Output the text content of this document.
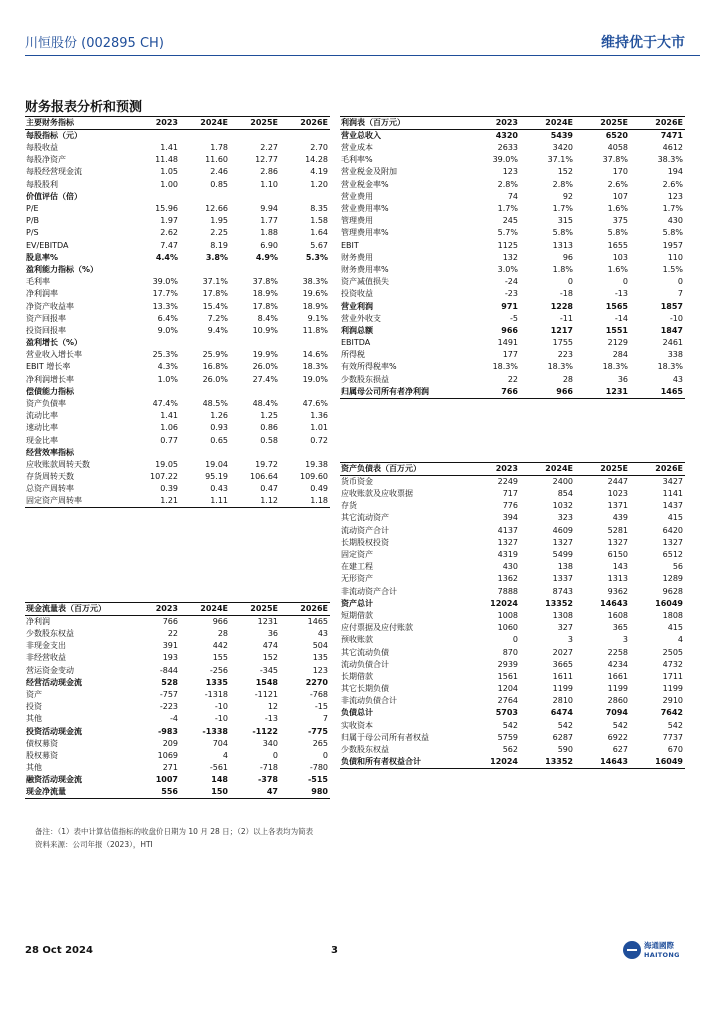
川恒股份 (002895 CH)	维持优于大市
财务报表分析和预测
主要财务指标	2023	2024E	2025E	2026E
每股指标（元）				
每股收益	1.41	1.78	2.27	2.70
每股净资产	11.48	11.60	12.77	14.28
每股经营现金流	1.05	2.46	2.86	4.19
每股股利	1.00	0.85	1.10	1.20
价值评估（倍）				
P/E	15.96	12.66	9.94	8.35
P/B	1.97	1.95	1.77	1.58
P/S	2.62	2.25	1.88	1.64
EV/EBITDA	7.47	8.19	6.90	5.67
股息率%	4.4%	3.8%	4.9%	5.3%
盈利能力指标（%）				
毛利率	39.0%	37.1%	37.8%	38.3%
净利润率	17.7%	17.8%	18.9%	19.6%
净资产收益率	13.3%	15.4%	17.8%	18.9%
资产回报率	6.4%	7.2%	8.4%	9.1%
投资回报率	9.0%	9.4%	10.9%	11.8%
盈利增长（%）				
营业收入增长率	25.3%	25.9%	19.9%	14.6%
EBIT 增长率	4.3%	16.8%	26.0%	18.3%
净利润增长率	1.0%	26.0%	27.4%	19.0%
偿债能力指标				
资产负债率	47.4%	48.5%	48.4%	47.6%
流动比率	1.41	1.26	1.25	1.36
速动比率	1.06	0.93	0.86	1.01
现金比率	0.77	0.65	0.58	0.72
经营效率指标				
应收账款周转天数	19.05	19.04	19.72	19.38
存货周转天数	107.22	95.19	106.64	109.60
总资产周转率	0.39	0.43	0.47	0.49
固定资产周转率	1.21	1.11	1.12	1.18
利润表（百万元）	2023	2024E	2025E	2026E
营业总收入	4320	5439	6520	7471
营业成本	2633	3420	4058	4612
毛利率%	39.0%	37.1%	37.8%	38.3%
营业税金及附加	123	152	170	194
营业税金率%	2.8%	2.8%	2.6%	2.6%
营业费用	74	92	107	123
营业费用率%	1.7%	1.7%	1.6%	1.7%
管理费用	245	315	375	430
管理费用率%	5.7%	5.8%	5.8%	5.8%
EBIT	1125	1313	1655	1957
财务费用	132	96	103	110
财务费用率%	3.0%	1.8%	1.6%	1.5%
资产减值损失	-24	0	0	0
投资收益	-23	-18	-13	7
营业利润	971	1228	1565	1857
营业外收支	-5	-11	-14	-10
利润总额	966	1217	1551	1847
EBITDA	1491	1755	2129	2461
所得税	177	223	284	338
有效所得税率%	18.3%	18.3%	18.3%	18.3%
少数股东损益	22	28	36	43
归属母公司所有者净利润	766	966	1231	1465
资产负债表（百万元）	2023	2024E	2025E	2026E
货币资金	2249	2400	2447	3427
应收账款及应收票据	717	854	1023	1141
存货	776	1032	1371	1437
其它流动资产	394	323	439	415
流动资产合计	4137	4609	5281	6420
长期股权投资	1327	1327	1327	1327
固定资产	4319	5499	6150	6512
在建工程	430	138	143	56
无形资产	1362	1337	1313	1289
非流动资产合计	7888	8743	9362	9628
资产总计	12024	13352	14643	16049
短期借款	1008	1308	1608	1808
应付票据及应付账款	1060	327	365	415
预收账款	0	3	3	4
其它流动负债	870	2027	2258	2505
流动负债合计	2939	3665	4234	4732
长期借款	1561	1611	1661	1711
其它长期负债	1204	1199	1199	1199
非流动负债合计	2764	2810	2860	2910
负债总计	5703	6474	7094	7642
实收资本	542	542	542	542
归属于母公司所有者权益	5759	6287	6922	7737
少数股东权益	562	590	627	670
负债和所有者权益合计	12024	13352	14643	16049
现金流量表（百万元）	2023	2024E	2025E	2026E
净利润	766	966	1231	1465
少数股东权益	22	28	36	43
非现金支出	391	442	474	504
非经营收益	193	155	152	135
营运资金变动	-844	-256	-345	123
经营活动现金流	528	1335	1548	2270
资产	-757	-1318	-1121	-768
投资	-223	-10	12	-15
其他	-4	-10	-13	7
投资活动现金流	-983	-1338	-1122	-775
债权募资	209	704	340	265
股权募资	1069	4	0	0
其他	271	-561	-718	-780
融资活动现金流	1007	148	-378	-515
现金净流量	556	150	47	980
备注：（1）表中计算估值指标的收盘价日期为 10 月 28 日；（2）以上各表均为简表
资料来源：公司年报（2023），HTI
28 Oct 2024	3	海通國際
HAITONG
